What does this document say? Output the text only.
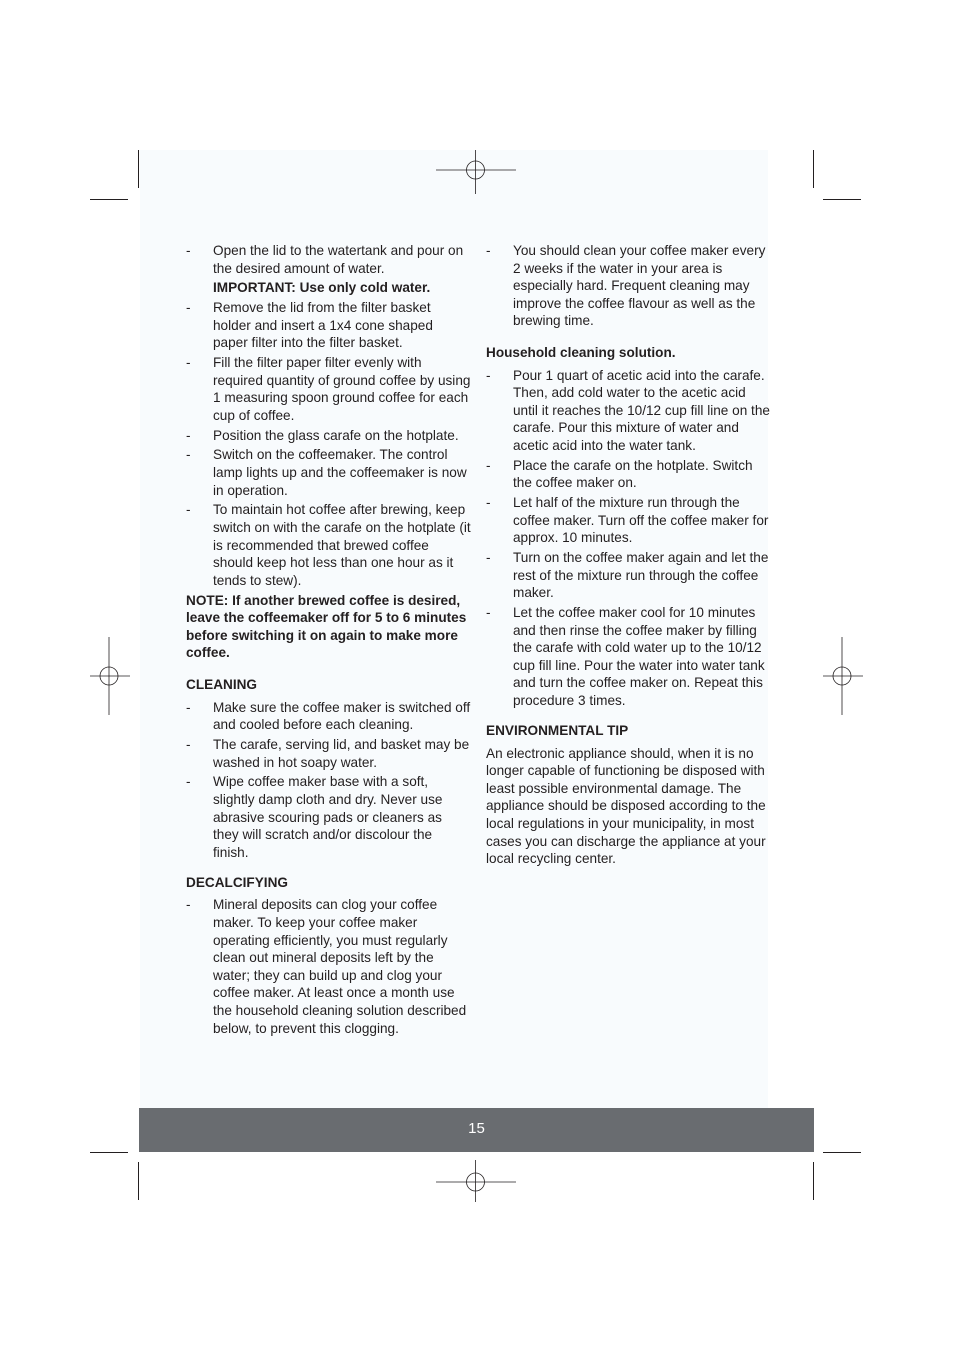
-	Open the lid to the watertank and pour on the desired amount of water.
IMPORTANT: Use only cold water.
-	Remove the lid from the filter basket holder and insert a 1x4 cone shaped paper filter into the filter basket.
-	Fill the filter paper filter evenly with required quantity of ground coffee by using 1 measuring spoon ground coffee for each cup of coffee.
-	Position the glass carafe on the hotplate.
-	Switch on the coffeemaker. The control lamp lights up and the coffeemaker is now in operation.
-	To maintain hot coffee after brewing, keep switch on with the carafe on the hotplate (it is recommended that brewed coffee should keep hot less than one hour as it tends to stew).
NOTE: If another brewed coffee is desired, leave the coffeemaker off for 5 to 6 minutes before switching it on again to make more coffee.
CLEANING
-	Make sure the coffee maker is switched off and cooled before each cleaning.
-	The carafe, serving lid, and basket may be washed in hot soapy water.
-	Wipe coffee maker base with a soft, slightly damp cloth and dry. Never use abrasive scouring pads or cleaners as they will scratch and/or discolour the finish.
DECALCIFYING
-	Mineral deposits can clog your coffee maker. To keep your coffee maker operating efficiently, you must regularly clean out mineral deposits left by the water; they can build up and clog your coffee maker. At least once a month use the household cleaning solution described below, to prevent this clogging.
-	You should clean your coffee maker every 2 weeks if the water in your area is especially hard. Frequent cleaning may improve the coffee flavour as well as the brewing time.
Household cleaning solution.
-	Pour 1 quart of acetic acid into the carafe. Then, add cold water to the acetic acid until it reaches the 10/12 cup fill line on the carafe. Pour this mixture of water and acetic acid into the water tank.
-	Place the carafe on the hotplate. Switch the coffee maker on.
-	Let half of the mixture run through the coffee maker. Turn off the coffee maker for approx. 10 minutes.
-	Turn on the coffee maker again and let the rest of the mixture run through the coffee maker.
-	Let the coffee maker cool for 10 minutes and then rinse the coffee maker by filling the carafe with cold water up to the 10/12 cup fill line. Pour the water into water tank and turn the coffee maker on. Repeat this procedure 3 times.
ENVIRONMENTAL TIP
An electronic appliance should, when it is no longer capable of functioning be disposed with least possible environmental damage. The appliance should be disposed according to the local regulations in your municipality, in most cases you can discharge the appliance at your local recycling center.
15
